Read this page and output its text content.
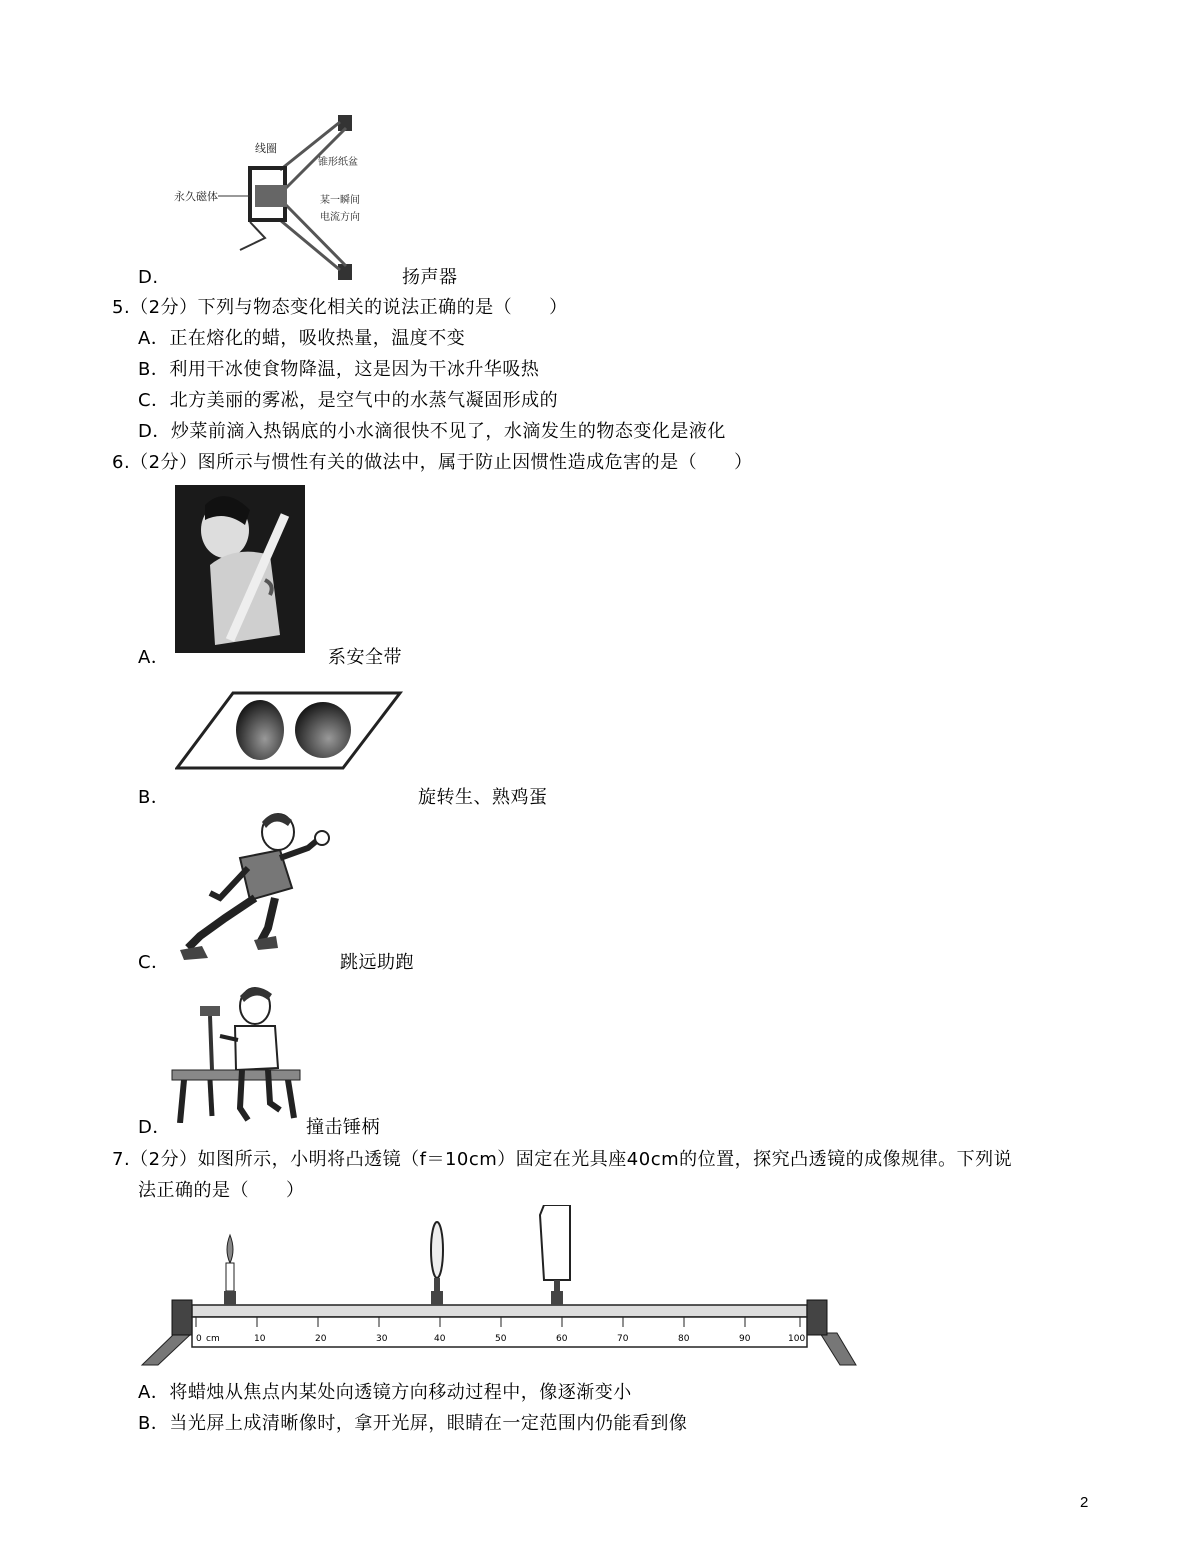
线圈
锥形纸盆
永久磁体	某一瞬间
电流方向
D.	扬声器
5.（2分）下列与物态变化相关的说法正确的是（　　）
A．正在熔化的蜡，吸收热量，温度不变
B．利用干冰使食物降温，这是因为干冰升华吸热
C．北方美丽的雾凇，是空气中的水蒸气凝固形成的
D．炒菜前滴入热锅底的小水滴很快不见了，水滴发生的物态变化是液化
6.（2分）图所示与惯性有关的做法中，属于防止因惯性造成危害的是（　　）
A．	系安全带
B．	旋转生、熟鸡蛋
C．	跳远助跑
D．	撞击锤柄
7.（2分）如图所示，小明将凸透镜（f＝10cm）固定在光具座40cm的位置，探究凸透镜的成像规律。下列说
法正确的是（　　）
0 cm	10	20	30	40	50	60	70	80	90	100
A．将蜡烛从焦点内某处向透镜方向移动过程中，像逐渐变小
B．当光屏上成清晰像时，拿开光屏，眼睛在一定范围内仍能看到像
2
